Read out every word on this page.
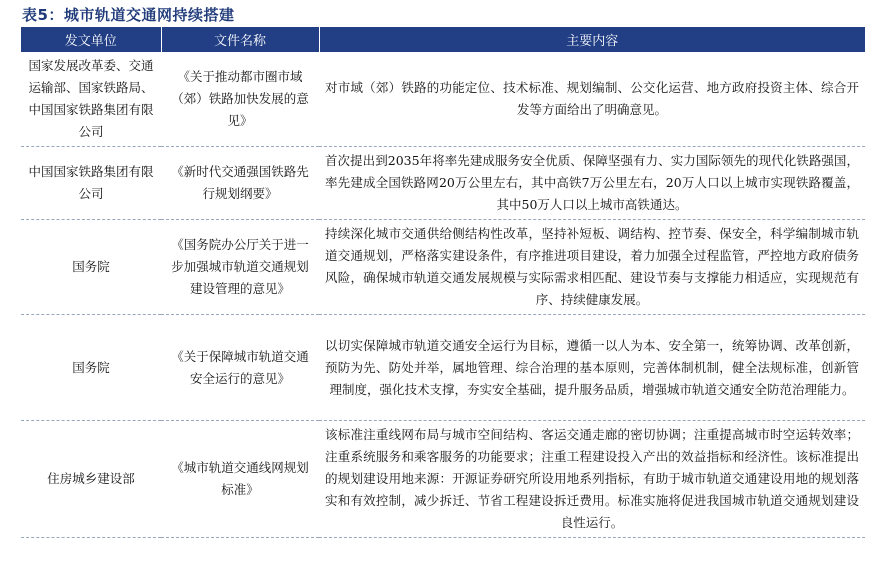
表5：城市轨道交通网持续搭建
发文单位	文件名称	主要内容
国家发展改革委、交通运输部、国家铁路局、中国国家铁路集团有限公司	《关于推动都市圈市域（郊）铁路加快发展的意见》	对市域（郊）铁路的功能定位、技术标准、规划编制、公交化运营、地方政府投资主体、综合开发等方面给出了明确意见。
中国国家铁路集团有限公司	《新时代交通强国铁路先行规划纲要》	首次提出到2035年将率先建成服务安全优质、保障坚强有力、实力国际领先的现代化铁路强国，率先建成全国铁路网20万公里左右，其中高铁7万公里左右，20万人口以上城市实现铁路覆盖，其中50万人口以上城市高铁通达。
国务院	《国务院办公厅关于进一步加强城市轨道交通规划建设管理的意见》	持续深化城市交通供给侧结构性改革，坚持补短板、调结构、控节奏、保安全，科学编制城市轨道交通规划，严格落实建设条件，有序推进项目建设，着力加强全过程监管，严控地方政府债务风险，确保城市轨道交通发展规模与实际需求相匹配、建设节奏与支撑能力相适应，实现规范有序、持续健康发展。
国务院	《关于保障城市轨道交通安全运行的意见》	以切实保障城市轨道交通安全运行为目标，遵循一以人为本、安全第一，统筹协调、改革创新，预防为先、防处并举，属地管理、综合治理的基本原则，完善体制机制，健全法规标准，创新管理制度，强化技术支撑，夯实安全基础，提升服务品质，增强城市轨道交通安全防范治理能力。
住房城乡建设部	《城市轨道交通线网规划标准》	该标准注重线网布局与城市空间结构、客运交通走廊的密切协调；注重提高城市时空运转效率；注重系统服务和乘客服务的功能要求；注重工程建设投入产出的效益指标和经济性。该标准提出的规划建设用地来源：开源证券研究所设用地系列指标，有助于城市轨道交通建设用地的规划落实和有效控制，减少拆迁、节省工程建设拆迁费用。标准实施将促进我国城市轨道交通规划建设良性运行。
